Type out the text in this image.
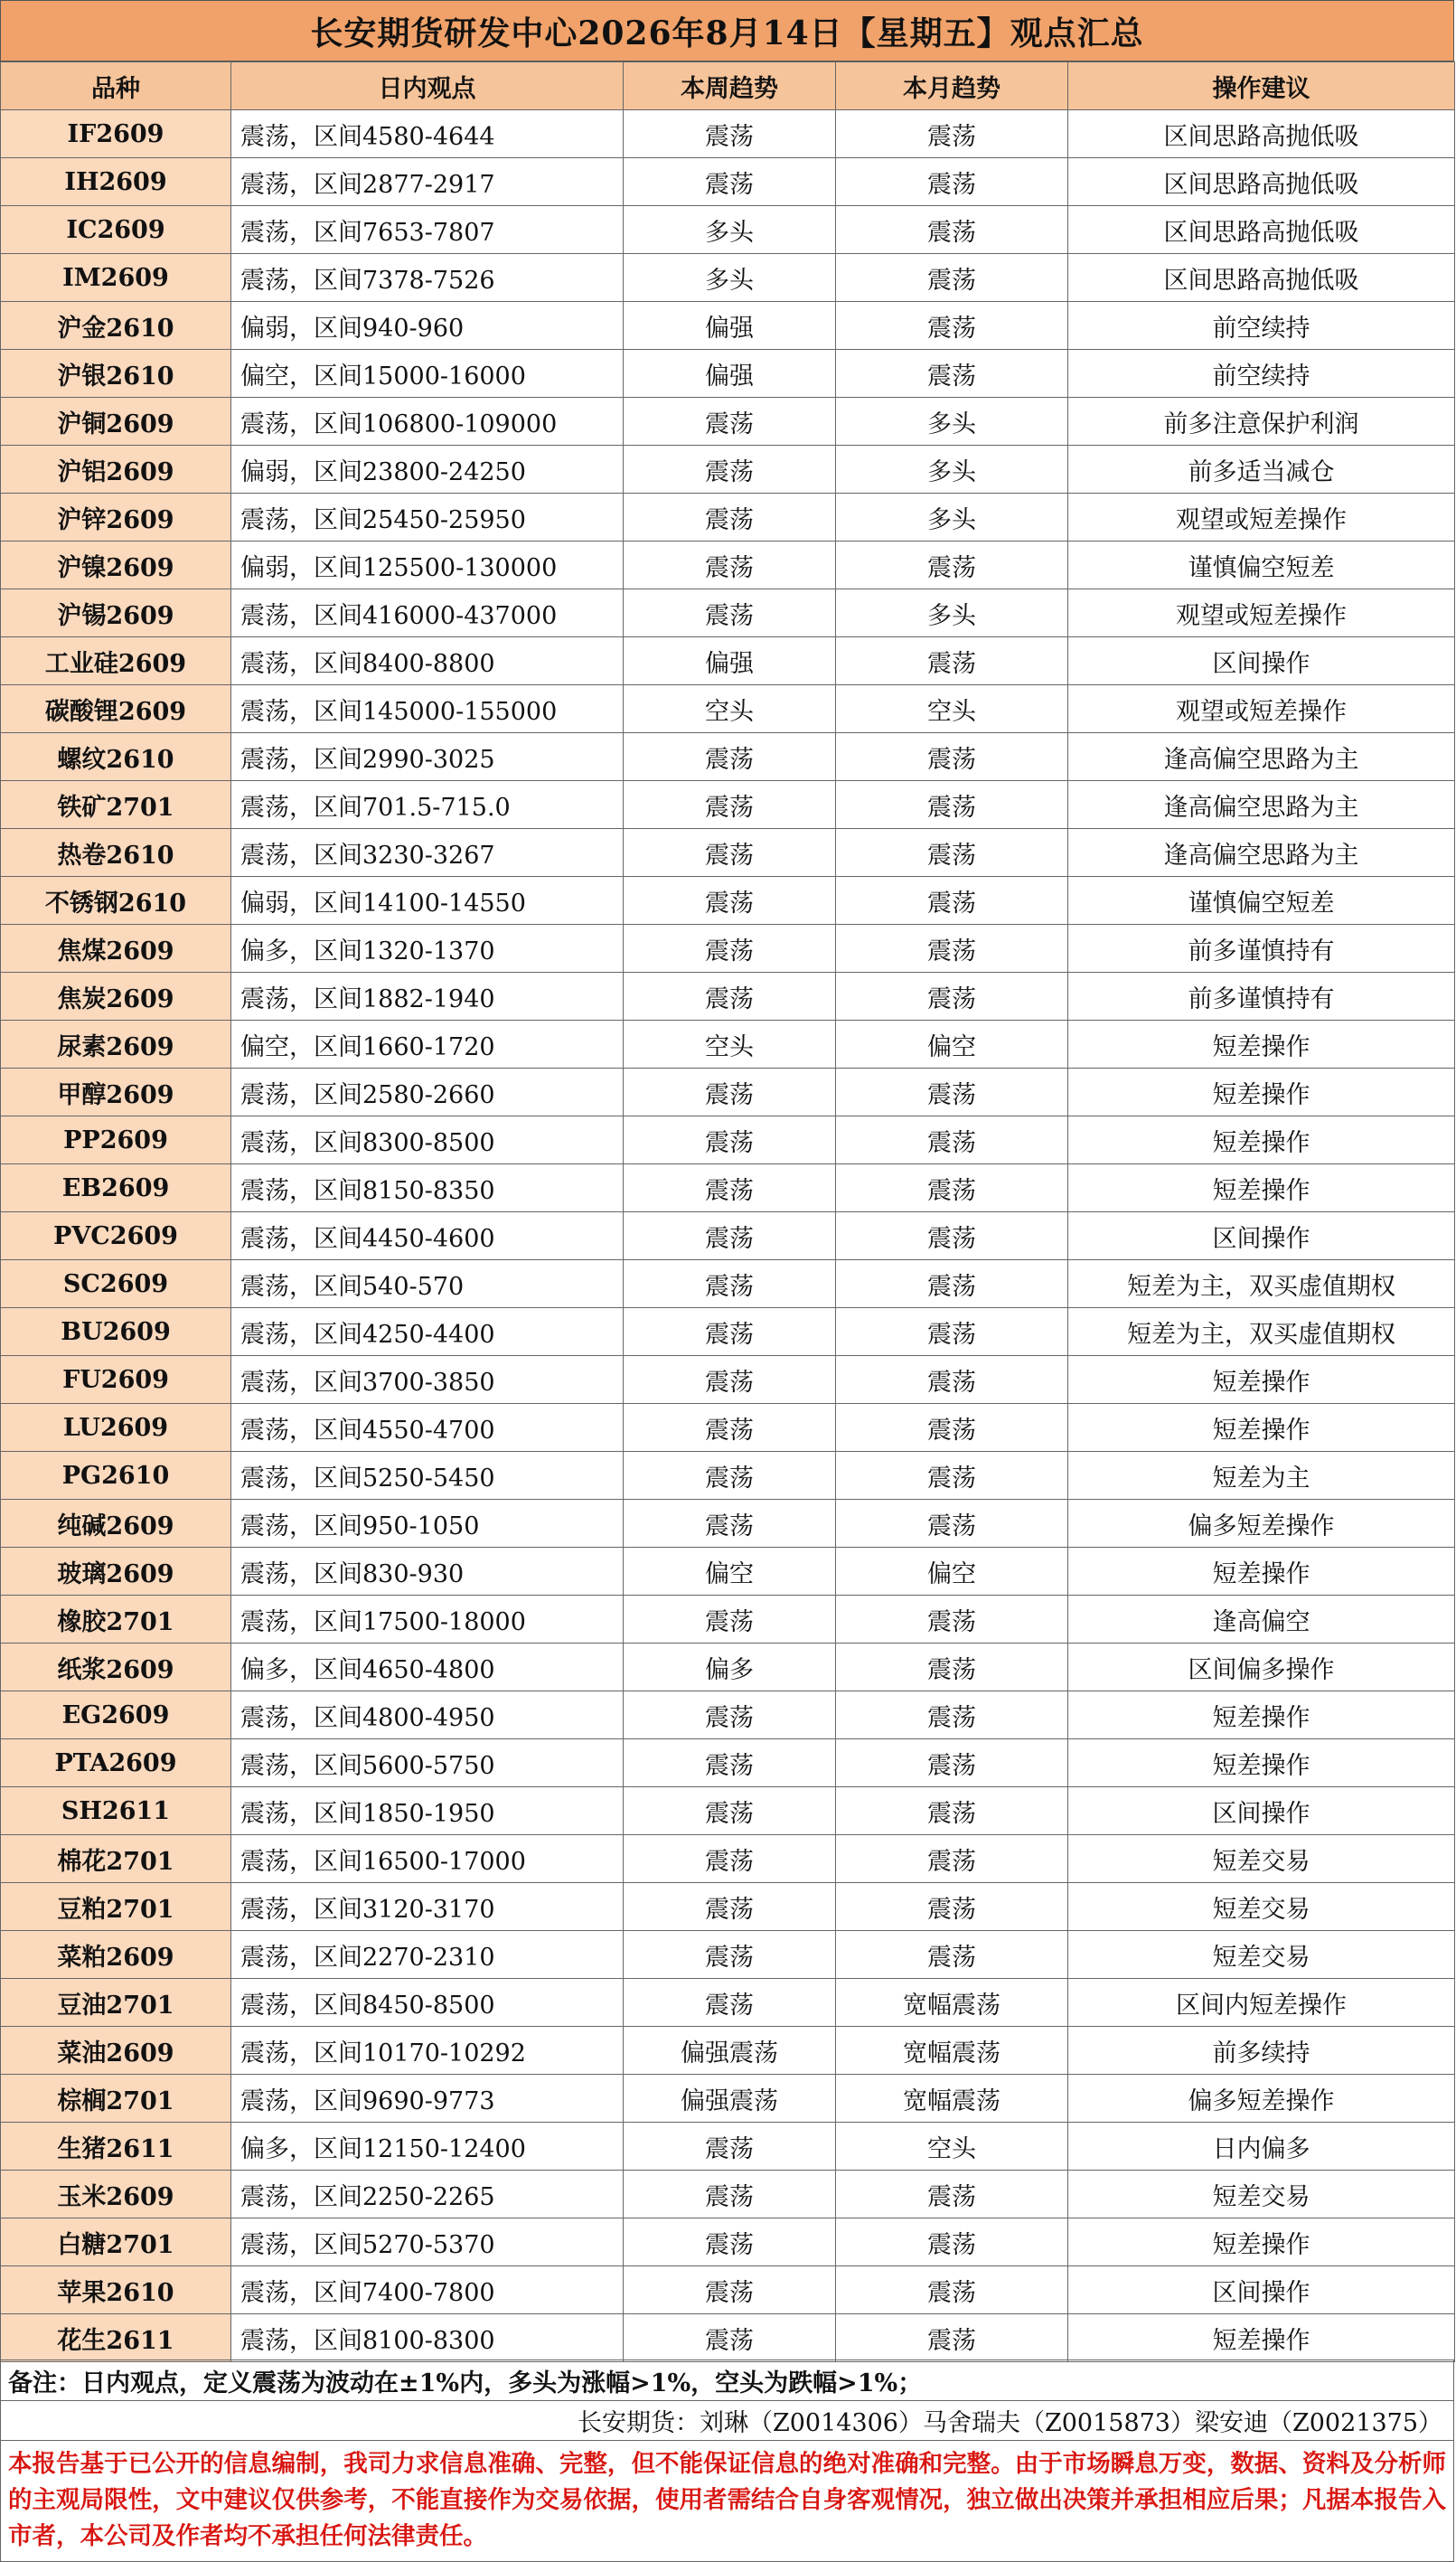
长安期货研发中心2026年8月14日【星期五】观点汇总
品种	日内观点	本周趋势	本月趋势	操作建议
IF2609	震荡，区间4580-4644	震荡	震荡	区间思路高抛低吸
IH2609	震荡，区间2877-2917	震荡	震荡	区间思路高抛低吸
IC2609	震荡，区间7653-7807	多头	震荡	区间思路高抛低吸
IM2609	震荡，区间7378-7526	多头	震荡	区间思路高抛低吸
沪金2610	偏弱，区间940-960	偏强	震荡	前空续持
沪银2610	偏空，区间15000-16000	偏强	震荡	前空续持
沪铜2609	震荡，区间106800-109000	震荡	多头	前多注意保护利润
沪铝2609	偏弱，区间23800-24250	震荡	多头	前多适当减仓
沪锌2609	震荡，区间25450-25950	震荡	多头	观望或短差操作
沪镍2609	偏弱，区间125500-130000	震荡	震荡	谨慎偏空短差
沪锡2609	震荡，区间416000-437000	震荡	多头	观望或短差操作
工业硅2609	震荡，区间8400-8800	偏强	震荡	区间操作
碳酸锂2609	震荡，区间145000-155000	空头	空头	观望或短差操作
螺纹2610	震荡，区间2990-3025	震荡	震荡	逢高偏空思路为主
铁矿2701	震荡，区间701.5-715.0	震荡	震荡	逢高偏空思路为主
热卷2610	震荡，区间3230-3267	震荡	震荡	逢高偏空思路为主
不锈钢2610	偏弱，区间14100-14550	震荡	震荡	谨慎偏空短差
焦煤2609	偏多，区间1320-1370	震荡	震荡	前多谨慎持有
焦炭2609	震荡，区间1882-1940	震荡	震荡	前多谨慎持有
尿素2609	偏空，区间1660-1720	空头	偏空	短差操作
甲醇2609	震荡，区间2580-2660	震荡	震荡	短差操作
PP2609	震荡，区间8300-8500	震荡	震荡	短差操作
EB2609	震荡，区间8150-8350	震荡	震荡	短差操作
PVC2609	震荡，区间4450-4600	震荡	震荡	区间操作
SC2609	震荡，区间540-570	震荡	震荡	短差为主，双买虚值期权
BU2609	震荡，区间4250-4400	震荡	震荡	短差为主，双买虚值期权
FU2609	震荡，区间3700-3850	震荡	震荡	短差操作
LU2609	震荡，区间4550-4700	震荡	震荡	短差操作
PG2610	震荡，区间5250-5450	震荡	震荡	短差为主
纯碱2609	震荡，区间950-1050	震荡	震荡	偏多短差操作
玻璃2609	震荡，区间830-930	偏空	偏空	短差操作
橡胶2701	震荡，区间17500-18000	震荡	震荡	逢高偏空
纸浆2609	偏多，区间4650-4800	偏多	震荡	区间偏多操作
EG2609	震荡，区间4800-4950	震荡	震荡	短差操作
PTA2609	震荡，区间5600-5750	震荡	震荡	短差操作
SH2611	震荡，区间1850-1950	震荡	震荡	区间操作
棉花2701	震荡，区间16500-17000	震荡	震荡	短差交易
豆粕2701	震荡，区间3120-3170	震荡	震荡	短差交易
菜粕2609	震荡，区间2270-2310	震荡	震荡	短差交易
豆油2701	震荡，区间8450-8500	震荡	宽幅震荡	区间内短差操作
菜油2609	震荡，区间10170-10292	偏强震荡	宽幅震荡	前多续持
棕榈2701	震荡，区间9690-9773	偏强震荡	宽幅震荡	偏多短差操作
生猪2611	偏多，区间12150-12400	震荡	空头	日内偏多
玉米2609	震荡，区间2250-2265	震荡	震荡	短差交易
白糖2701	震荡，区间5270-5370	震荡	震荡	短差操作
苹果2610	震荡，区间7400-7800	震荡	震荡	区间操作
花生2611	震荡，区间8100-8300	震荡	震荡	短差操作
备注：日内观点，定义震荡为波动在±1%内，多头为涨幅>1%，空头为跌幅>1%；
长安期货：刘琳（Z0014306）马舍瑞夫（Z0015873）梁安迪（Z0021375）
本报告基于已公开的信息编制，我司力求信息准确、完整，但不能保证信息的绝对准确和完整。由于市场瞬息万变，数据、资料及分析师的主观局限性，文中建议仅供参考，不能直接作为交易依据，使用者需结合自身客观情况，独立做出决策并承担相应后果；凡据本报告入市者，本公司及作者均不承担任何法律责任。
